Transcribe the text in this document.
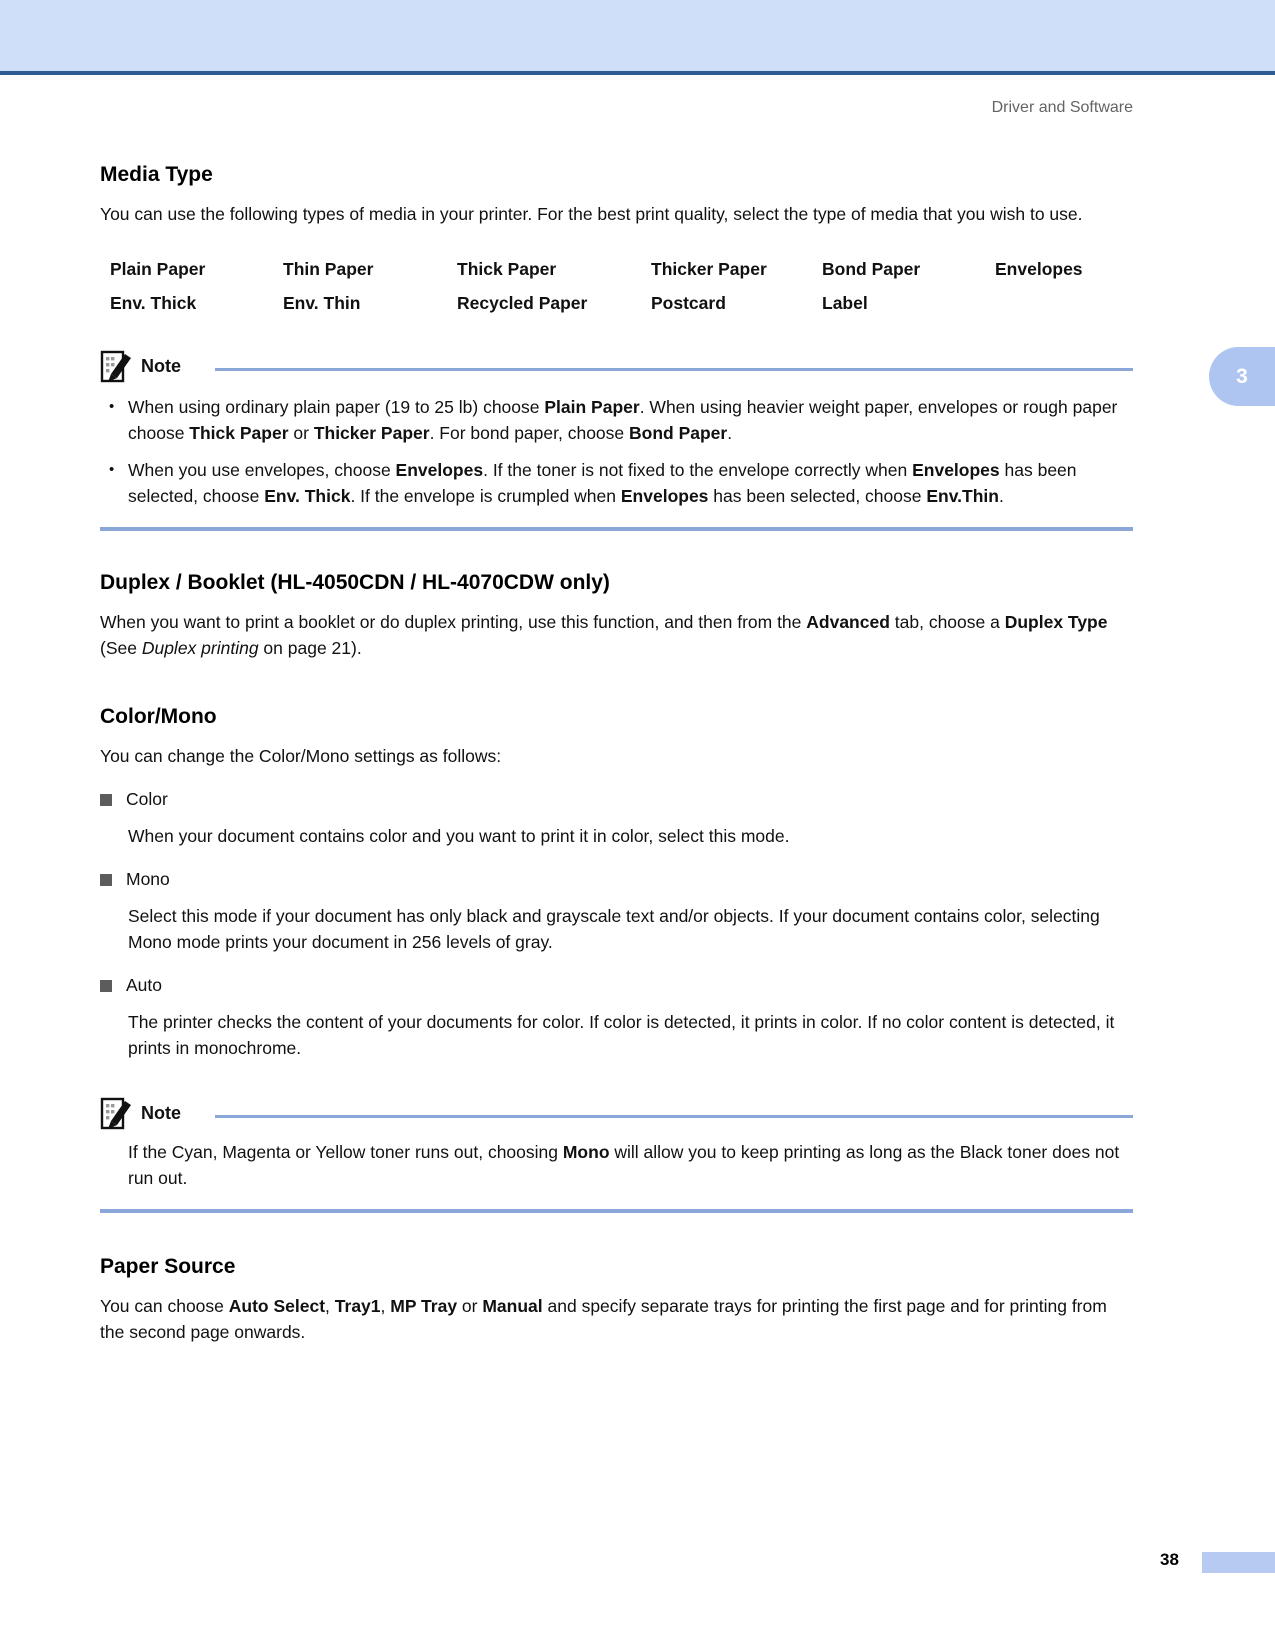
Driver and Software
3
Media Type

You can use the following types of media in your printer. For the best print quality, select the type of media that you wish to use.

Plain Paper	Thin Paper	Thick Paper	Thicker Paper	Bond Paper	Envelopes
Env. Thick	Env. Thin	Recycled Paper	Postcard	Label
Note
• When using ordinary plain paper (19 to 25 lb) choose Plain Paper. When using heavier weight paper, envelopes or rough paper choose Thick Paper or Thicker Paper. For bond paper, choose Bond Paper.
• When you use envelopes, choose Envelopes. If the toner is not fixed to the envelope correctly when Envelopes has been selected, choose Env. Thick. If the envelope is crumpled when Envelopes has been selected, choose Env.Thin.
Duplex / Booklet (HL-4050CDN / HL-4070CDW only)

When you want to print a booklet or do duplex printing, use this function, and then from the Advanced tab, choose a Duplex Type (See Duplex printing on page 21).

Color/Mono

You can change the Color/Mono settings as follows:

Color
When your document contains color and you want to print it in color, select this mode.
Mono
Select this mode if your document has only black and grayscale text and/or objects. If your document contains color, selecting Mono mode prints your document in 256 levels of gray.
Auto
The printer checks the content of your documents for color. If color is detected, it prints in color. If no color content is detected, it prints in monochrome.
Note
If the Cyan, Magenta or Yellow toner runs out, choosing Mono will allow you to keep printing as long as the Black toner does not run out.
Paper Source

You can choose Auto Select, Tray1, MP Tray or Manual and specify separate trays for printing the first page and for printing from the second page onwards.

38
